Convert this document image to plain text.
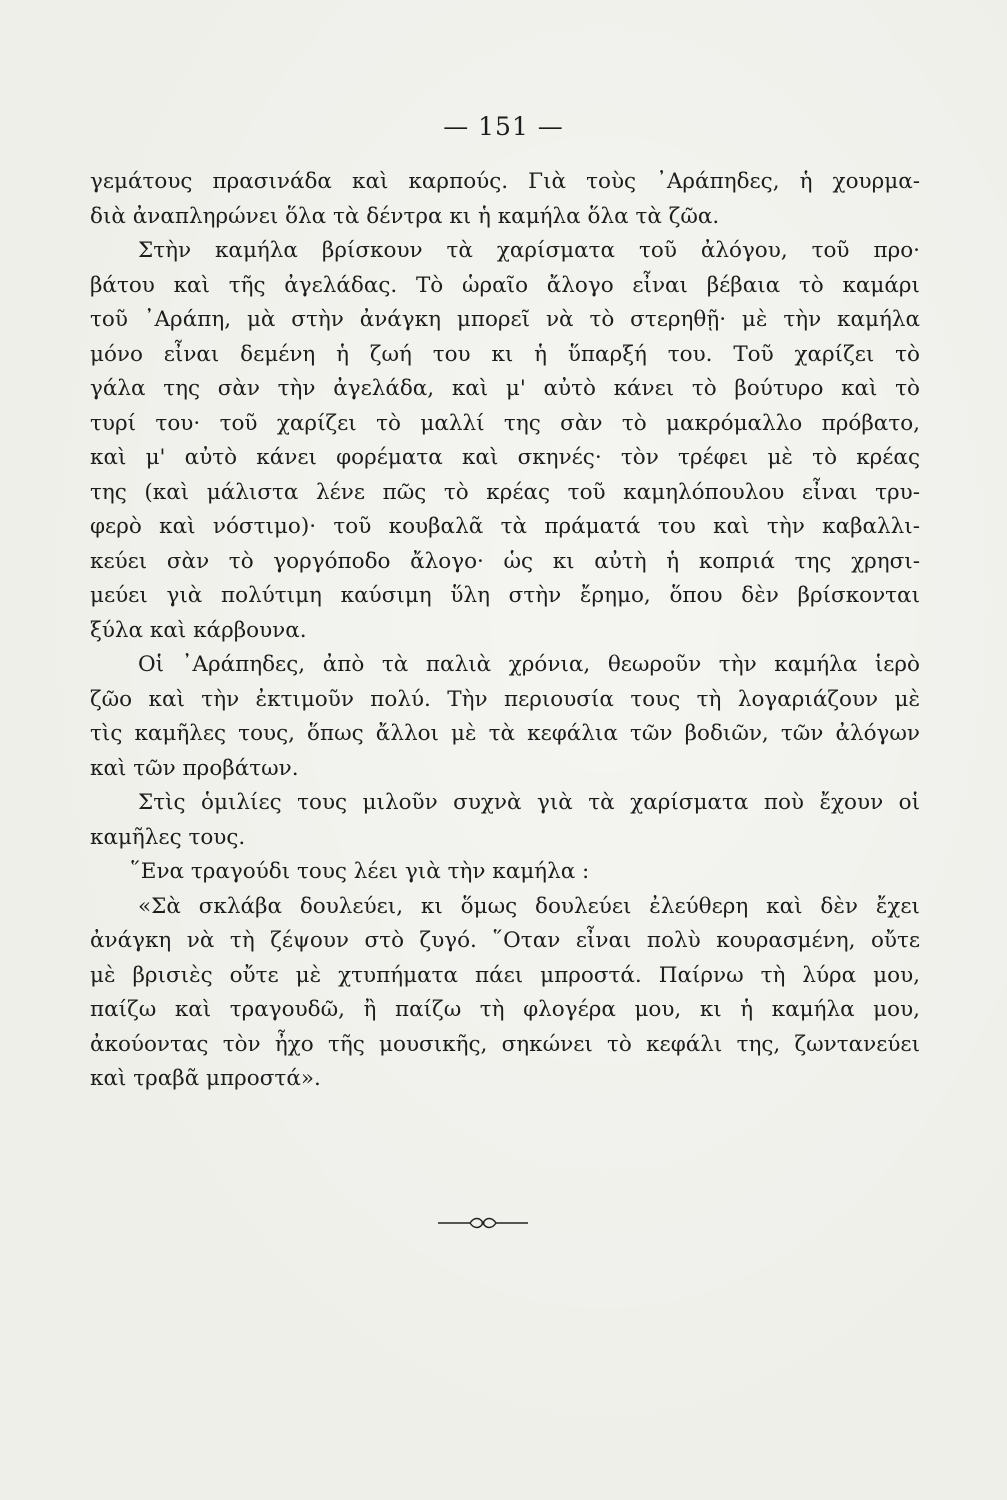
— 151 —
γεμάτους πρασινάδα καὶ καρπούς. Γιὰ τοὺς ᾿Αράπηδες, ἡ χουρμα-
διὰ ἀναπληρώνει ὅλα τὰ δέντρα κι ἡ καμήλα ὅλα τὰ ζῶα.
Στὴν καμήλα βρίσκουν τὰ χαρίσματα τοῦ ἀλόγου, τοῦ προ·
βάτου καὶ τῆς ἀγελάδας. Τὸ ὡραῖο ἄλογο εἶναι βέβαια τὸ καμάρι
τοῦ ᾿Αράπη, μὰ στὴν ἀνάγκη μπορεῖ νὰ τὸ στερηθῇ· μὲ τὴν καμήλα
μόνο εἶναι δεμένη ἡ ζωή του κι ἡ ὕπαρξή του. Τοῦ χαρίζει τὸ
γάλα της σὰν τὴν ἀγελάδα, καὶ μ' αὐτὸ κάνει τὸ βούτυρο καὶ τὸ
τυρί του· τοῦ χαρίζει τὸ μαλλί της σὰν τὸ μακρόμαλλο πρόβατο,
καὶ μ' αὐτὸ κάνει φορέματα καὶ σκηνές· τὸν τρέφει μὲ τὸ κρέας
της (καὶ μάλιστα λένε πῶς τὸ κρέας τοῦ καμηλόπουλου εἶναι τρυ-
φερὸ καὶ νόστιμο)· τοῦ κουβαλᾶ τὰ πράματά του καὶ τὴν καβαλλι-
κεύει σὰν τὸ γοργόποδο ἄλογο· ὡς κι αὐτὴ ἡ κοπριά της χρησι-
μεύει γιὰ πολύτιμη καύσιμη ὕλη στὴν ἔρημο, ὅπου δὲν βρίσκονται
ξύλα καὶ κάρβουνα.
Οἱ ᾿Αράπηδες, ἀπὸ τὰ παλιὰ χρόνια, θεωροῦν τὴν καμήλα ἱερὸ
ζῶο καὶ τὴν ἐκτιμοῦν πολύ. Τὴν περιουσία τους τὴ λογαριάζουν μὲ
τὶς καμῆλες τους, ὅπως ἄλλοι μὲ τὰ κεφάλια τῶν βοδιῶν, τῶν ἀλόγων
καὶ τῶν προβάτων.
Στὶς ὁμιλίες τους μιλοῦν συχνὰ γιὰ τὰ χαρίσματα ποὺ ἔχουν οἱ
καμῆλες τους.
῞Ενα τραγούδι τους λέει γιὰ τὴν καμήλα :
«Σὰ σκλάβα δουλεύει, κι ὅμως δουλεύει ἐλεύθερη καὶ δὲν ἔχει
ἀνάγκη νὰ τὴ ζέψουν στὸ ζυγό. ῞Οταν εἶναι πολὺ κουρασμένη, οὔτε
μὲ βρισιὲς οὔτε μὲ χτυπήματα πάει μπροστά. Παίρνω τὴ λύρα μου,
παίζω καὶ τραγουδῶ, ἢ παίζω τὴ φλογέρα μου, κι ἡ καμήλα μου,
ἀκούοντας τὸν ἦχο τῆς μουσικῆς, σηκώνει τὸ κεφάλι της, ζωντανεύει
καὶ τραβᾶ μπροστά».
